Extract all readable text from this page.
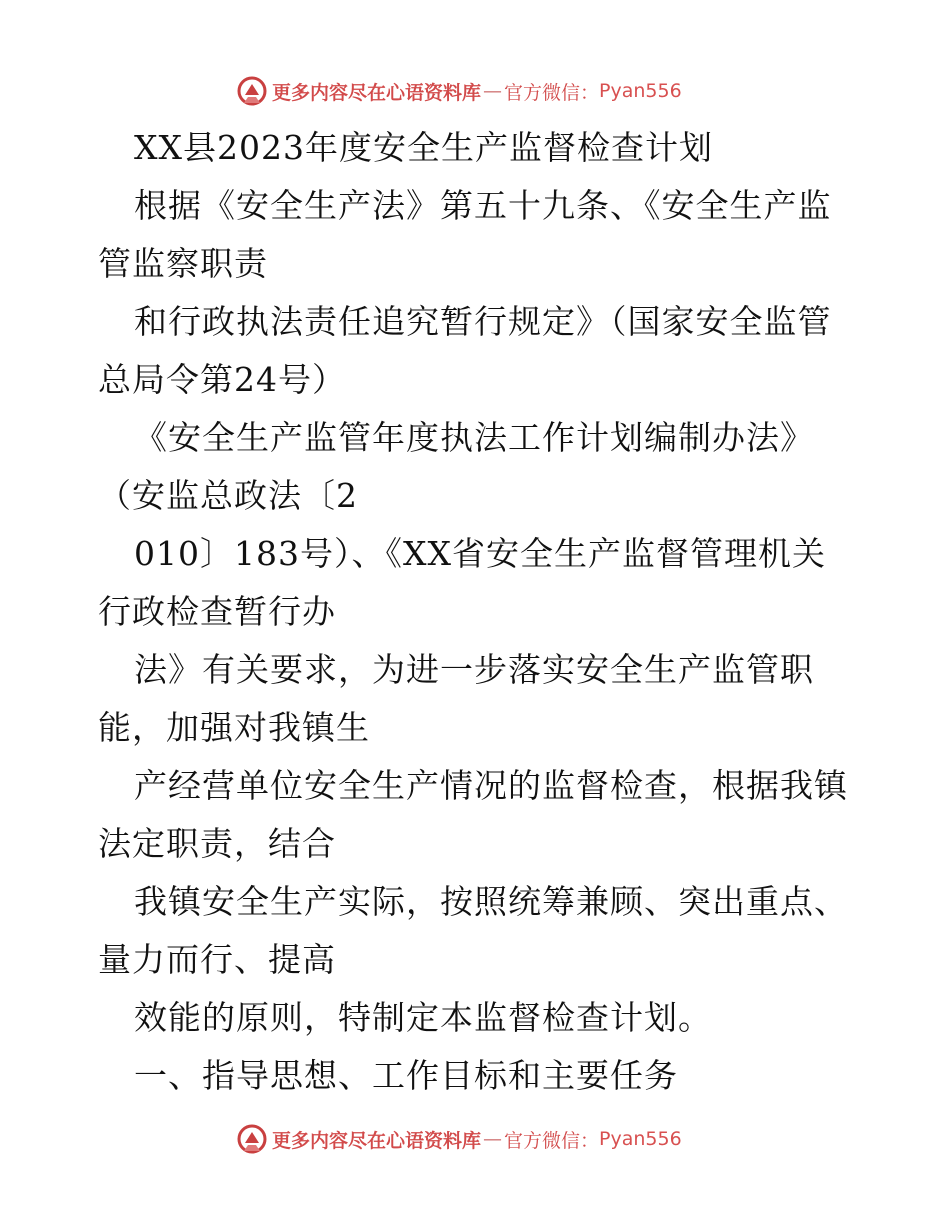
更多内容尽在心语资料库 — 官方微信： Pyan556
XX县2023年度安全生产监督检查计划
根据《安全生产法》第五十九条、《安全生产监
管监察职责
和行政执法责任追究暂行规定》（国家安全监管
总局令第24号）
《安全生产监管年度执法工作计划编制办法》
（安监总政法〔2
010〕183号）、《XX省安全生产监督管理机关
行政检查暂行办
法》有关要求，为进一步落实安全生产监管职
能，加强对我镇生
产经营单位安全生产情况的监督检查，根据我镇
法定职责，结合
我镇安全生产实际，按照统筹兼顾、突出重点、
量力而行、提高
效能的原则，特制定本监督检查计划。
一、指导思想、工作目标和主要任务
更多内容尽在心语资料库 — 官方微信： Pyan556
